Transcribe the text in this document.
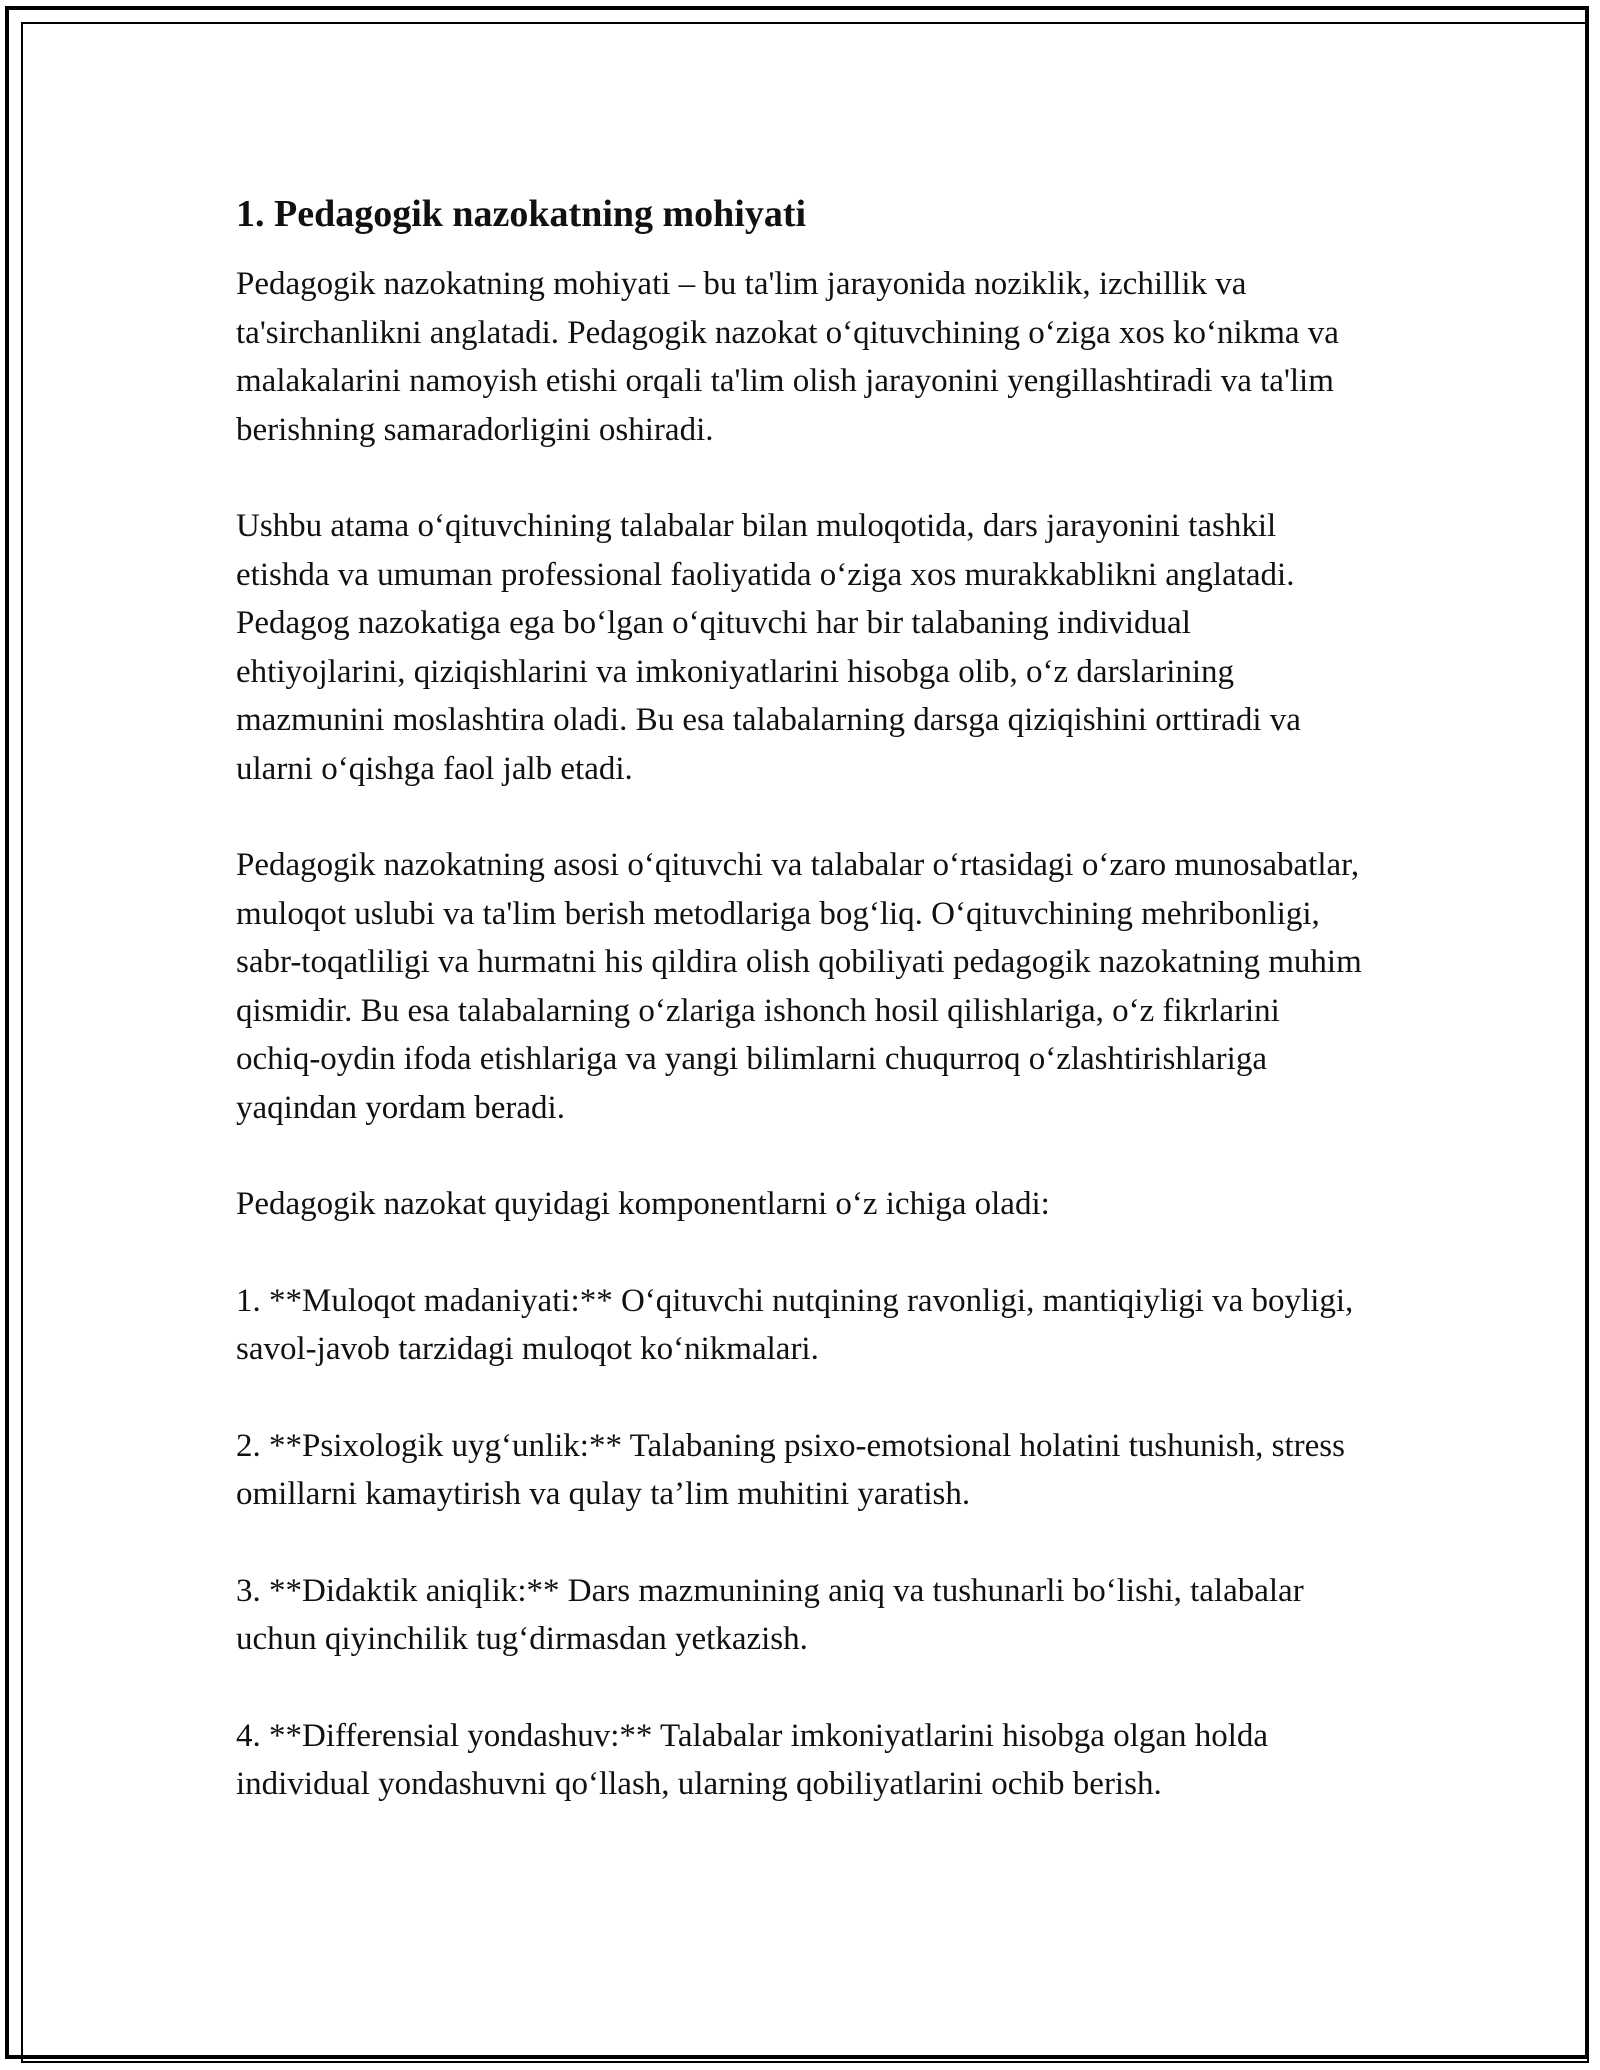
1. Pedagogik nazokatning mohiyati

Pedagogik nazokatning mohiyati – bu ta'lim jarayonida noziklik, izchillik va ta'sirchanlikni anglatadi. Pedagogik nazokat o‘qituvchining o‘ziga xos ko‘nikma va malakalarini namoyish etishi orqali ta'lim olish jarayonini yengillashtiradi va ta'lim berishning samaradorligini oshiradi.

Ushbu atama o‘qituvchining talabalar bilan muloqotida, dars jarayonini tashkil etishda va umuman professional faoliyatida o‘ziga xos murakkablikni anglatadi. Pedagog nazokatiga ega bo‘lgan o‘qituvchi har bir talabaning individual ehtiyojlarini, qiziqishlarini va imkoniyatlarini hisobga olib, o‘z darslarining mazmunini moslashtira oladi. Bu esa talabalarning darsga qiziqishini orttiradi va ularni o‘qishga faol jalb etadi.

Pedagogik nazokatning asosi o‘qituvchi va talabalar o‘rtasidagi o‘zaro munosabatlar, muloqot uslubi va ta'lim berish metodlariga bog‘liq. O‘qituvchining mehribonligi, sabr-toqatliligi va hurmatni his qildira olish qobiliyati pedagogik nazokatning muhim qismidir. Bu esa talabalarning o‘zlariga ishonch hosil qilishlariga, o‘z fikrlarini ochiq-oydin ifoda etishlariga va yangi bilimlarni chuqurroq o‘zlashtirishlariga yaqindan yordam beradi.

Pedagogik nazokat quyidagi komponentlarni o‘z ichiga oladi:

1. **Muloqot madaniyati:** O‘qituvchi nutqining ravonligi, mantiqiyligi va boyligi, savol-javob tarzidagi muloqot ko‘nikmalari.

2. **Psixologik uyg‘unlik:** Talabaning psixo-emotsional holatini tushunish, stress omillarni kamaytirish va qulay ta’lim muhitini yaratish.

3. **Didaktik aniqlik:** Dars mazmunining aniq va tushunarli bo‘lishi, talabalar uchun qiyinchilik tug‘dirmasdan yetkazish.

4. **Differensial yondashuv:** Talabalar imkoniyatlarini hisobga olgan holda individual yondashuvni qo‘llash, ularning qobiliyatlarini ochib berish.
